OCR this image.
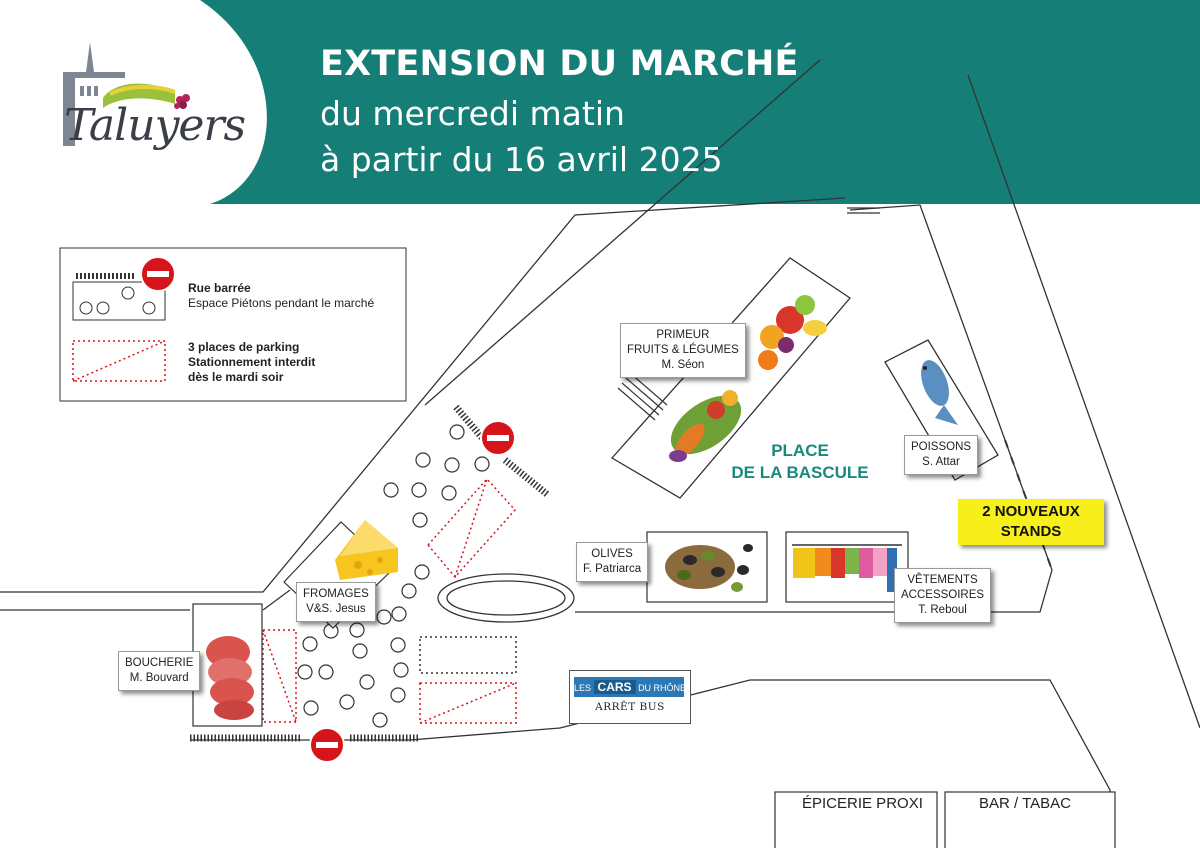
Taluyers
EXTENSION DU MARCHÉ
du mercredi matin
à partir du 16 avril 2025
Rue barrée
Espace Piétons pendant le marché
3 places de parking
Stationnement interdit
dès le mardi soir
PRIMEUR
FRUITS & LÉGUMES
M. Séon
POISSONS
S. Attar
OLIVES
F. Patriarca
VÊTEMENTS
ACCESSOIRES
T. Reboul
FROMAGES
V&S. Jesus
BOUCHERIE
M. Bouvard
PLACE
DE LA BASCULE
2 NOUVEAUX
STANDS
LES CARS DU RHÔNE
ARRÊT BUS
ÉPICERIE PROXI	BAR / TABAC
